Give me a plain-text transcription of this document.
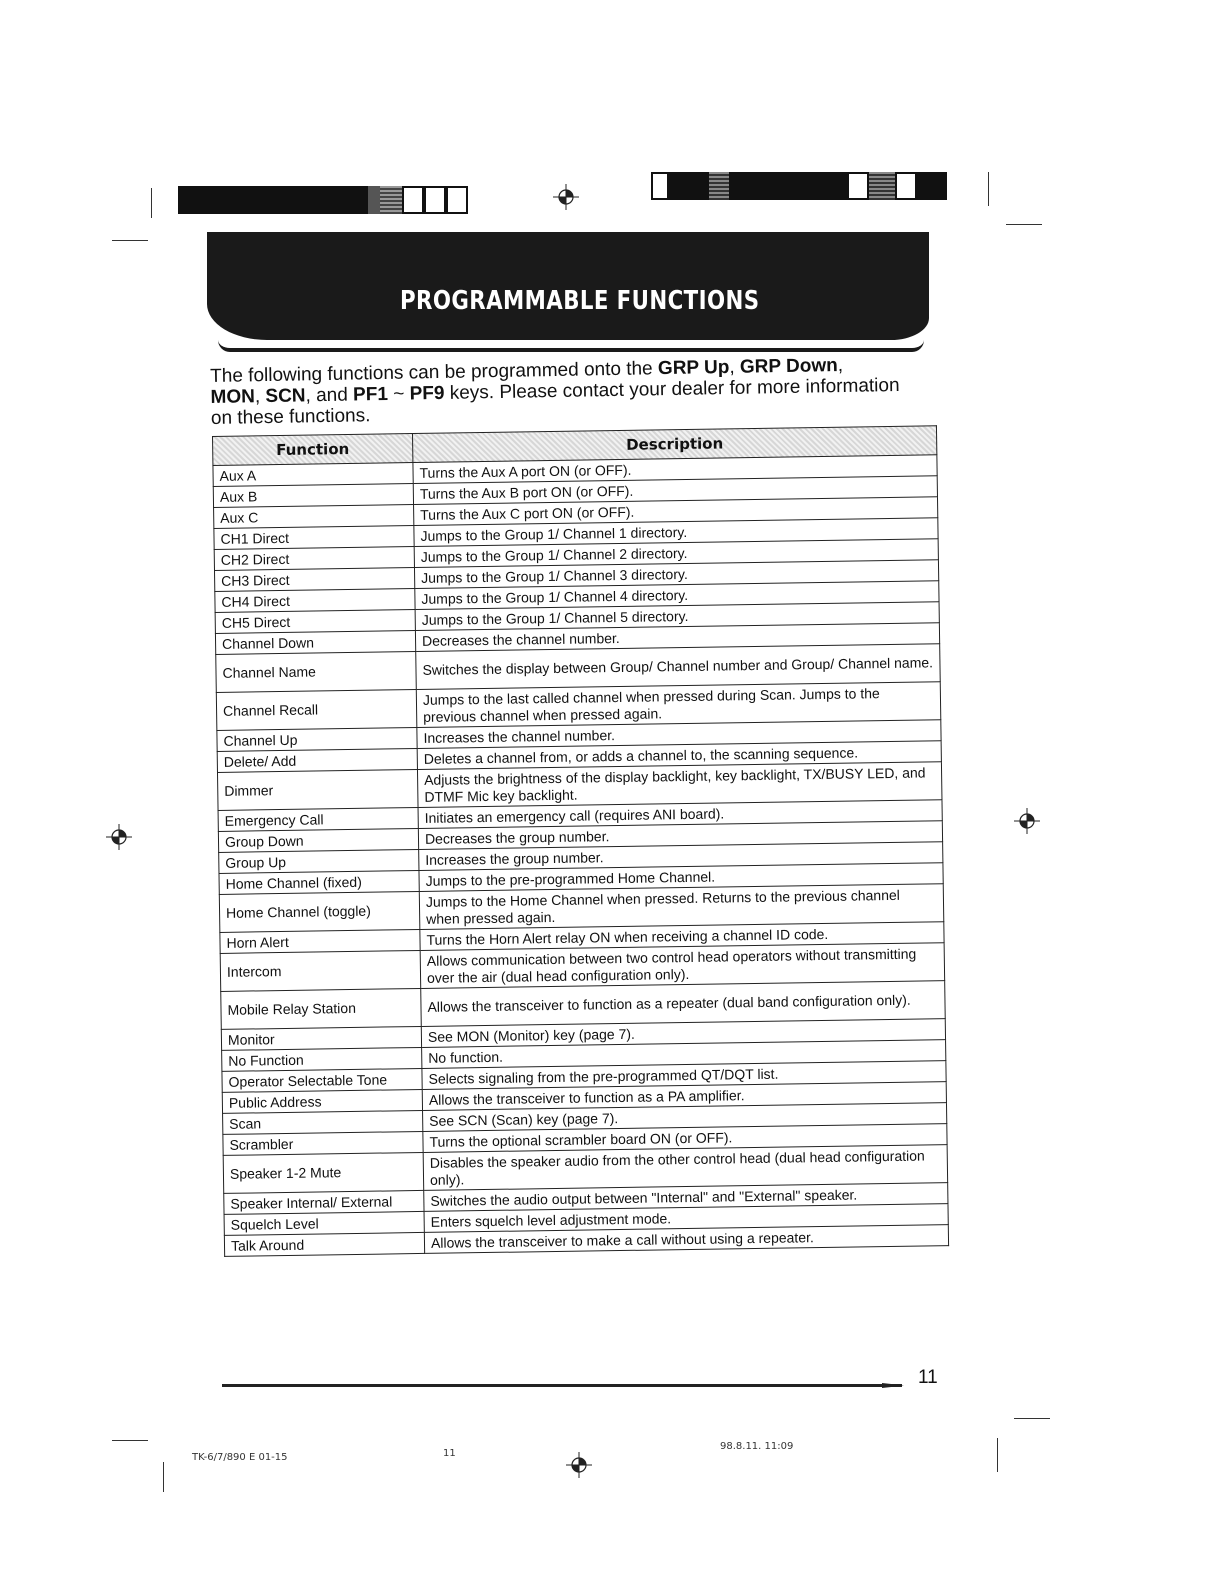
PROGRAMMABLE FUNCTIONS
The following functions can be programmed onto the GRP Up, GRP Down,
MON, SCN, and PF1 ~ PF9 keys. Please contact your dealer for more information on these functions.
Function	Description
Aux A	Turns the Aux A port ON (or OFF).
Aux B	Turns the Aux B port ON (or OFF).
Aux C	Turns the Aux C port ON (or OFF).
CH1 Direct	Jumps to the Group 1/ Channel 1 directory.
CH2 Direct	Jumps to the Group 1/ Channel 2 directory.
CH3 Direct	Jumps to the Group 1/ Channel 3 directory.
CH4 Direct	Jumps to the Group 1/ Channel 4 directory.
CH5 Direct	Jumps to the Group 1/ Channel 5 directory.
Channel Down	Decreases the channel number.
Channel Name	Switches the display between Group/ Channel number and Group/ Channel name.
Channel Recall	Jumps to the last called channel when pressed during Scan. Jumps to the previous channel when pressed again.
Channel Up	Increases the channel number.
Delete/ Add	Deletes a channel from, or adds a channel to, the scanning sequence.
Dimmer	Adjusts the brightness of the display backlight, key backlight, TX/BUSY LED, and DTMF Mic key backlight.
Emergency Call	Initiates an emergency call (requires ANI board).
Group Down	Decreases the group number.
Group Up	Increases the group number.
Home Channel (fixed)	Jumps to the pre-programmed Home Channel.
Home Channel (toggle)	Jumps to the Home Channel when pressed. Returns to the previous channel when pressed again.
Horn Alert	Turns the Horn Alert relay ON when receiving a channel ID code.
Intercom	Allows communication between two control head operators without transmitting over the air (dual head configuration only).
Mobile Relay Station	Allows the transceiver to function as a repeater (dual band configuration only).
Monitor	See MON (Monitor) key (page 7).
No Function	No function.
Operator Selectable Tone	Selects signaling from the pre-programmed QT/DQT list.
Public Address	Allows the transceiver to function as a PA amplifier.
Scan	See SCN (Scan) key (page 7).
Scrambler	Turns the optional scrambler board ON (or OFF).
Speaker 1-2 Mute	Disables the speaker audio from the other control head (dual head configuration only).
Speaker Internal/ External	Switches the audio output between "Internal" and "External" speaker.
Squelch Level	Enters squelch level adjustment mode.
Talk Around	Allows the transceiver to make a call without using a repeater.
11
TK-6/7/890 E 01-15	11
98.8.11. 11:09
